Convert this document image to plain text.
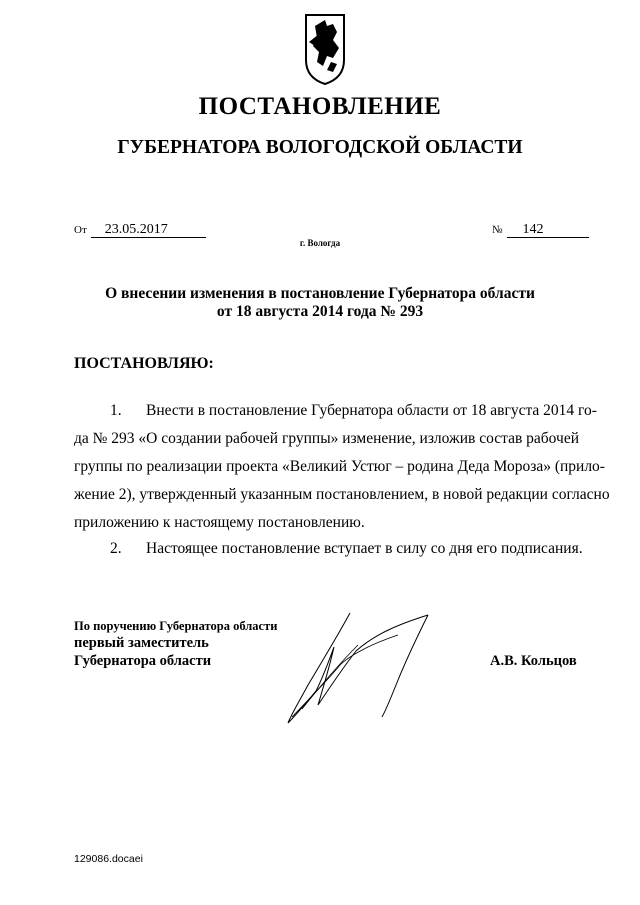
ПОСТАНОВЛЕНИЕ
ГУБЕРНАТОРА ВОЛОГОДСКОЙ ОБЛАСТИ
От 23.05.2017	№ 142
г. Вологда
О внесении изменения в постановление Губернатора области
от 18 августа 2014 года № 293
ПОСТАНОВЛЯЮ:
1. Внести в постановление Губернатора области от 18 августа 2014 го-
да № 293 «О создании рабочей группы» изменение, изложив состав рабочей
группы по реализации проекта «Великий Устюг – родина Деда Мороза» (прило-
жение 2), утвержденный указанным постановлением, в новой редакции согласно
приложению к настоящему постановлению.
2. Настоящее постановление вступает в силу со дня его подписания.
По поручению Губернатора области
первый заместитель
Губернатора области	А.В. Кольцов
129086.docaei
